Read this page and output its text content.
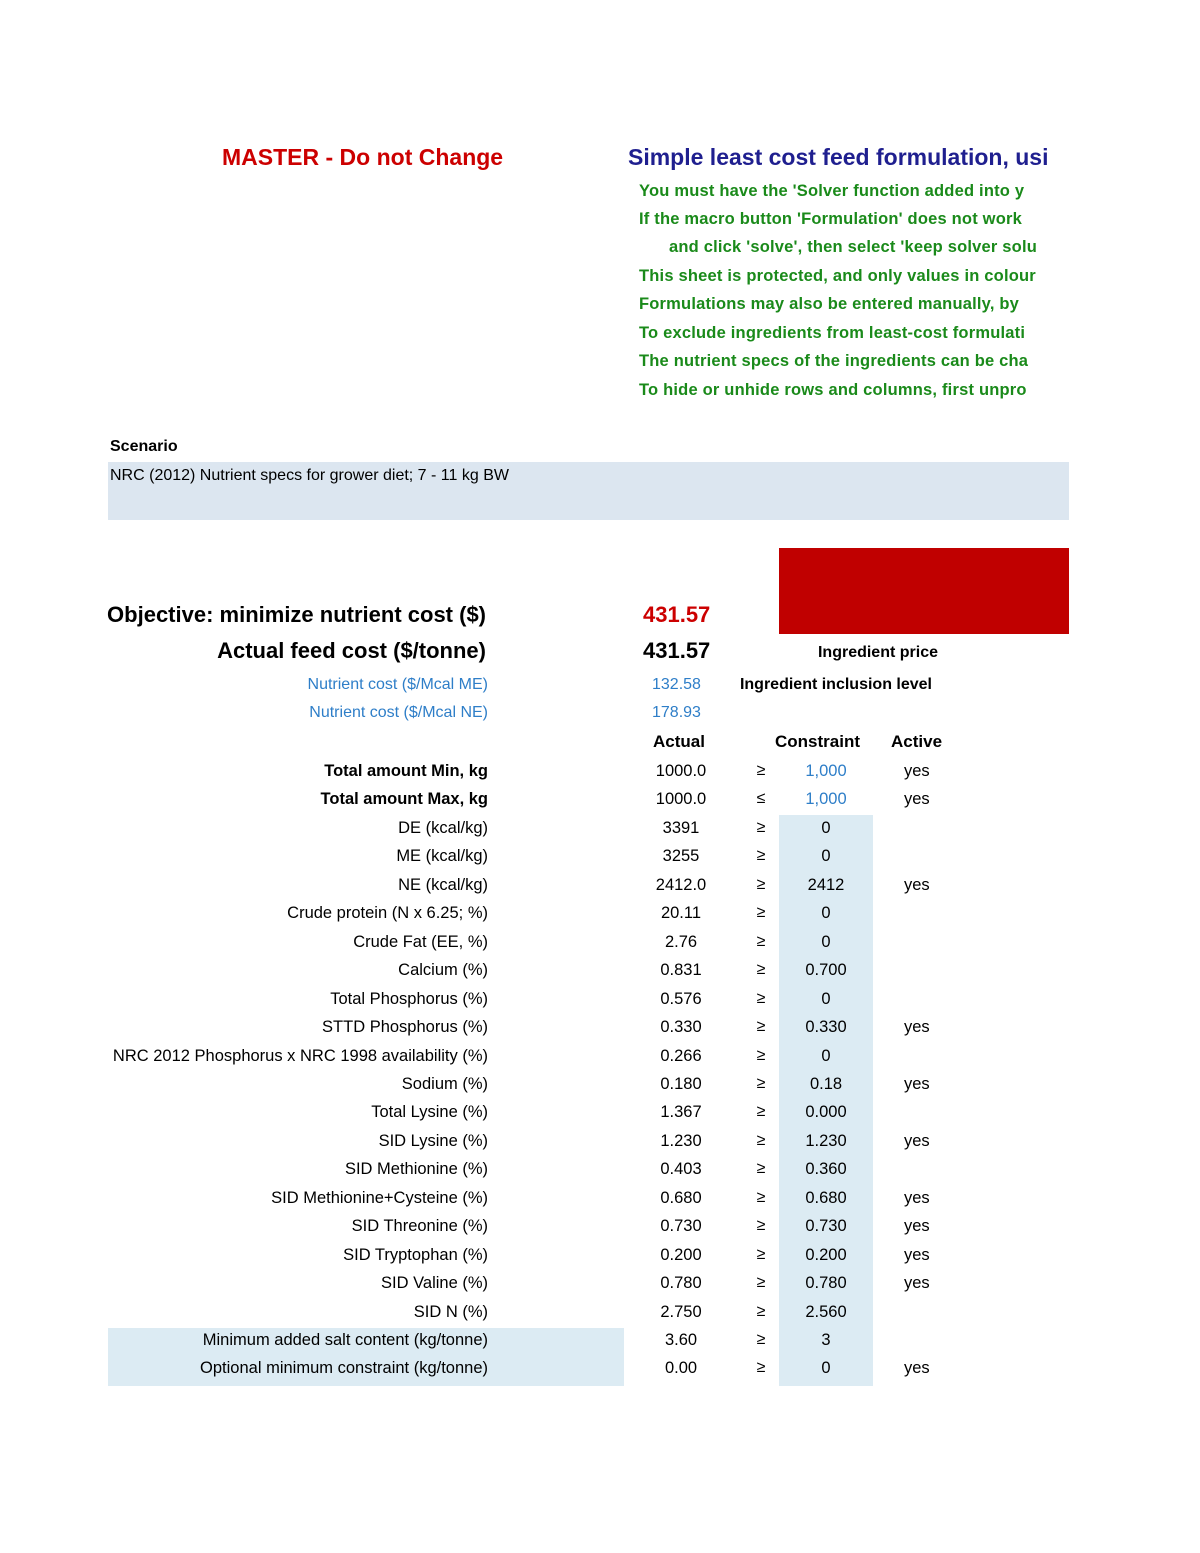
MASTER - Do not Change	Simple least cost feed formulation, usi
You must have the 'Solver function added into y
If the macro button 'Formulation' does not work
and click 'solve', then select 'keep solver solu
This sheet is protected, and only values in colour
Formulations may also be entered manually, by
To exclude ingredients from least-cost formulati
The nutrient specs of the ingredients can be cha
To hide or unhide rows and columns, first unpro
Scenario
NRC (2012) Nutrient specs for grower diet; 7 - 11 kg BW
Objective: minimize nutrient cost ($)	431.57
Actual feed cost ($/tonne)	431.57	Ingredient price
Nutrient cost ($/Mcal ME)	132.58 Ingredient inclusion level
Nutrient cost ($/Mcal NE)	178.93
Actual	Constraint Active
Total amount Min, kg	1000.0	≥	1,000	yes
Total amount Max, kg	1000.0	≤	1,000	yes
DE (kcal/kg)	3391	≥	0
ME (kcal/kg)	3255	≥	0
NE (kcal/kg)	2412.0	≥	2412	yes
Crude protein (N x 6.25; %)	20.11	≥	0
Crude Fat (EE, %)	2.76	≥	0
Calcium (%)	0.831	≥	0.700
Total Phosphorus (%)	0.576	≥	0
STTD Phosphorus (%)	0.330	≥	0.330	yes
NRC 2012 Phosphorus x NRC 1998 availability (%)	0.266	≥	0
Sodium (%)	0.180	≥	0.18	yes
Total Lysine (%)	1.367	≥	0.000
SID Lysine (%)	1.230	≥	1.230	yes
SID Methionine (%)	0.403	≥	0.360
SID Methionine+Cysteine (%)	0.680	≥	0.680	yes
SID Threonine (%)	0.730	≥	0.730	yes
SID Tryptophan (%)	0.200	≥	0.200	yes
SID Valine (%)	0.780	≥	0.780	yes
SID N (%)	2.750	≥	2.560
Minimum added salt content (kg/tonne)	3.60	≥	3
Optional minimum constraint (kg/tonne)	0.00	≥	0	yes
